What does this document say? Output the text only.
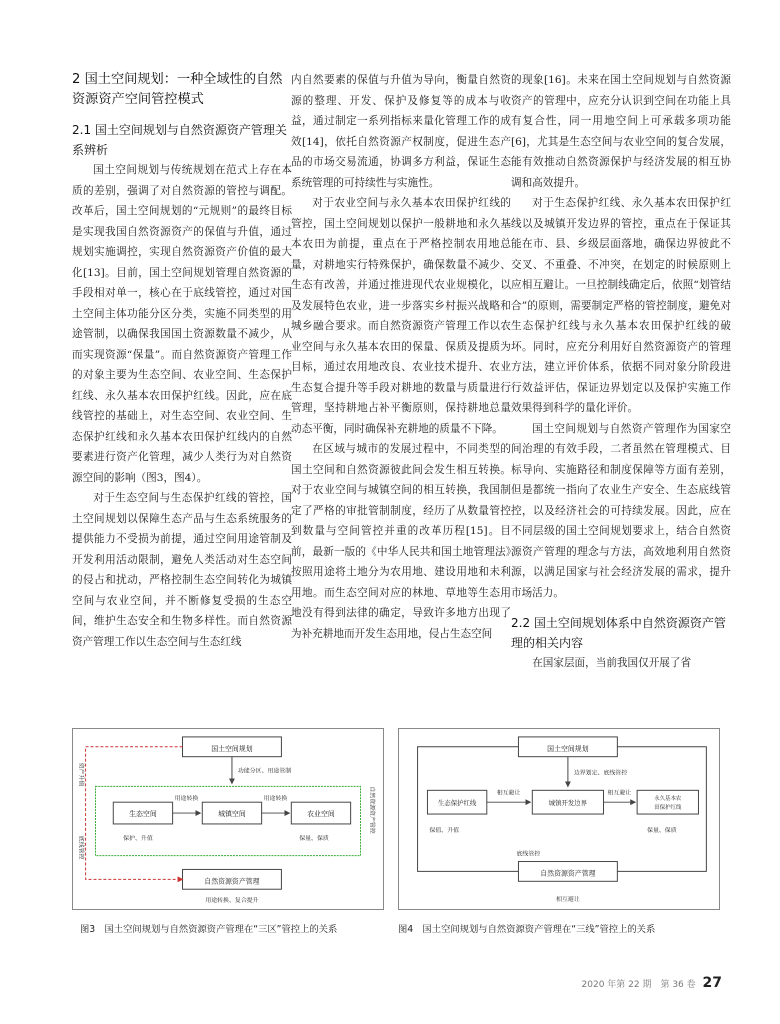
2 国土空间规划：一种全域性的自然资源资产空间管控模式
2.1 国土空间规划与自然资源资产管理关系辨析

国土空间规划与传统规划在范式上存在本质的差别，强调了对自然资源的管控与调配。改革后，国土空间规划的“元规则”的最终目标是实现我国自然资源资产的保值与升值，通过规划实施调控，实现自然资源资产价值的最大化[13]。目前，国土空间规划管理自然资源的手段相对单一，核心在于底线管控，通过对国土空间主体功能分区分类，实施不同类型的用途管制，以确保我国国土资源数量不减少，从而实现资源“保量”。而自然资源资产管理工作的对象主要为生态空间、农业空间、生态保护红线、永久基本农田保护红线。因此，应在底线管控的基础上，对生态空间、农业空间、生态保护红线和永久基本农田保护红线内的自然要素进行资产化管理，减少人类行为对自然资源空间的影响（图3，图4）。

对于生态空间与生态保护红线的管控，国土空间规划以保障生态产品与生态系统服务的提供能力不受损为前提，通过空间用途管制及开发利用活动限制，避免人类活动对生态空间的侵占和扰动，严格控制生态空间转化为城镇空间与农业空间，并不断修复受损的生态空间，维护生态安全和生物多样性。而自然资源资产管理工作以生态空间与生态红线

内自然要素的保值与升值为导向，衡量自然资源的整理、开发、保护及修复等的成本与收益，通过制定一系列指标来量化管理工作的成效[14]，依托自然资源产权制度，促进生态产品的市场交易流通，协调多方利益，保证生态系统管理的可持续性与实施性。

对于农业空间与永久基本农田保护红线的管控，国土空间规划以保护一般耕地和永久基本农田为前提，重点在于严格控制农用地总量，对耕地实行特殊保护，确保数量不减少、生态有改善，并通过推进现代农业规模化，以及发展特色农业，进一步落实乡村振兴战略和城乡融合要求。而自然资源资产管理工作以农业空间与永久基本农田的保量、保质及提质为目标，通过农用地改良、农业技术提升、农业生态复合提升等手段对耕地的数量与质量进行管理，坚持耕地占补平衡原则，保持耕地总量动态平衡，同时确保补充耕地的质量不下降。

在区域与城市的发展过程中，不同类型的国土空间和自然资源彼此间会发生相互转换。对于农业空间与城镇空间的相互转换，我国制定了严格的审批管制制度，经历了从数量管控到数量与空间管控并重的改革历程[15]。目前，最新一版的《中华人民共和国土地管理法》按照用途将土地分为农用地、建设用地和未利用地。而生态空间对应的林地、草地等生态用地没有得到法律的确定，导致许多地方出现了为补充耕地而开发生态用地，侵占生态空间

的现象[16]。未来在国土空间规划与自然资源资产的管理中，应充分认识到空间在功能上具有复合性，同一用地空间上可承载多项功能[6]，尤其是生态空间与农业空间的复合发展，能有效推动自然资源保护与经济发展的相互协调和高效提升。

对于生态保护红线、永久基本农田保护红线以及城镇开发边界的管控，重点在于保证其能在市、县、乡级层面落地，确保边界彼此不交叉、不重叠、不冲突，在划定的时候原则上应相互避让。一旦控制线确定后，依照“划管结合”的原则，需要制定严格的管控制度，避免对生态保护红线与永久基本农田保护红线的破坏。同时，应充分利用好自然资源资产的管理方法，建立评价体系，依据不同对象分阶段进行效益评估，保证边界划定以及保护实施工作效果得到科学的量化评价。

国土空间规划与自然资产管理作为国家空间治理的有效手段，二者虽然在管理模式、目标导向、实施路径和制度保障等方面有差别，但是都统一指向了农业生产安全、生态底线管控，以及经济社会的可持续发展。因此，应在不同层级的国土空间规划要求上，结合自然资源资产管理的理念与方法，高效地利用自然资源，以满足国家与社会经济发展的需求，提升市场活力。

2.2 国土空间规划体系中自然资源资产管理的相关内容

在国家层面，当前我国仅开展了省

国土空间规划
功能分区、用途管制
生态空间	城镇空间	农业空间
用途转换	用途转换
保护、升值	保量、保质
自然资源资产管理
用途转换、复合提升
资产升值
底线管控
自然资源资产管控
图3　国土空间规划与自然资源资产管理在“三区”管控上的关系
国土空间规划
边界划定、底线管控
生态保护红线	城镇开发边界	永久基本农
田保护红线
相互避让	相互避让
保值、升值	保量、保质
底线管控
自然资源资产管理
相互避让
图4　国土空间规划与自然资源资产管理在“三线”管控上的关系
2020 年第 22 期　第 36 卷 27
